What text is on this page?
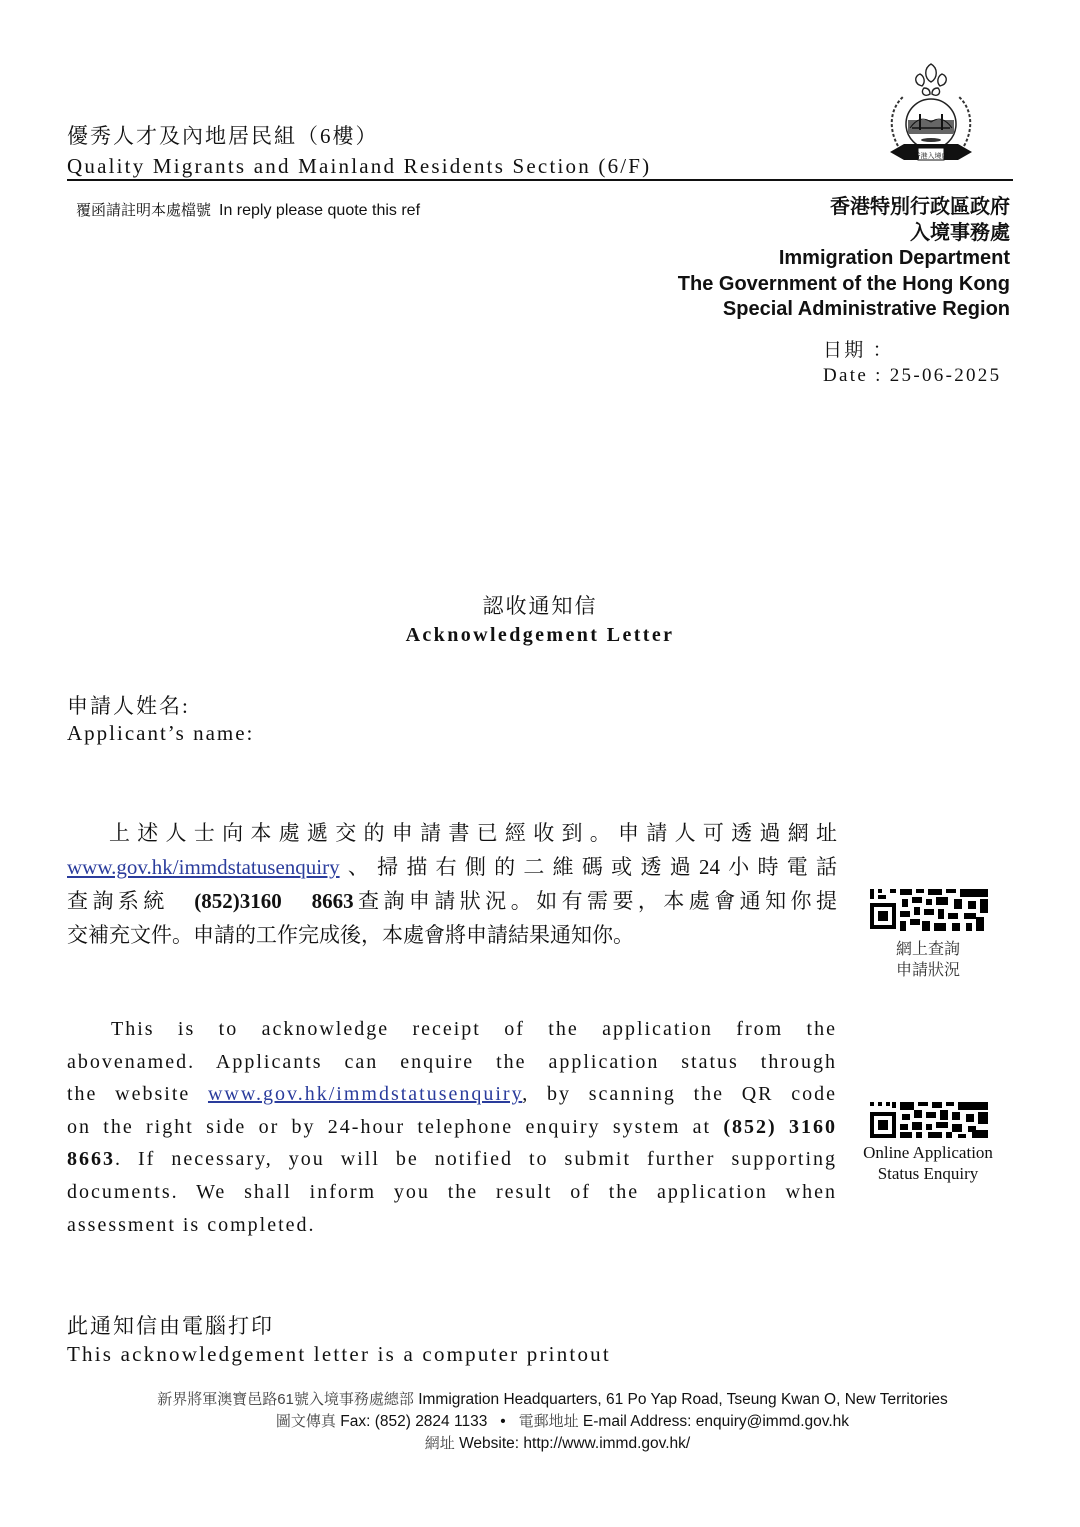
香港入境處
優秀人才及內地居民組（6樓）
Quality Migrants and Mainland Residents Section (6/F)
覆函請註明本處檔號 In reply please quote this ref	香港特別行政區政府
入境事務處
Immigration Department
The Government of the Hong Kong
Special Administrative Region
日期 ：
Date : 25-06-2025
認收通知信
Acknowledgement Letter
申請人姓名:
Applicant’s name:
上述人士向本處遞交的申請書已經收到。申請人可透過網址
www.gov.hk/immdstatusenquiry、掃描右側的二維碼或透過24小時電話
查詢系統　(852)3160　8663查詢申請狀況。如有需要，本處會通知你提
交補充文件。申請的工作完成後，本處會將申請結果通知你。
網上查詢
申請狀況
This is to acknowledge receipt of the application from the
abovenamed. Applicants can enquire the application status through
the website www.gov.hk/immdstatusenquiry, by scanning the QR code
on the right side or by 24-hour telephone enquiry system at (852) 3160
8663. If necessary, you will be notified to submit further supporting
documents. We shall inform you the result of the application when
assessment is completed.
Online Application
Status Enquiry
此通知信由電腦打印
This acknowledgement letter is a computer printout
新界將軍澳寶邑路61號入境事務處總部 Immigration Headquarters, 61 Po Yap Road, Tseung Kwan O, New Territories
圖文傳真 Fax: (852) 2824 1133 • 電郵地址 E-mail Address: enquiry@immd.gov.hk
網址 Website: http://www.immd.gov.hk/
